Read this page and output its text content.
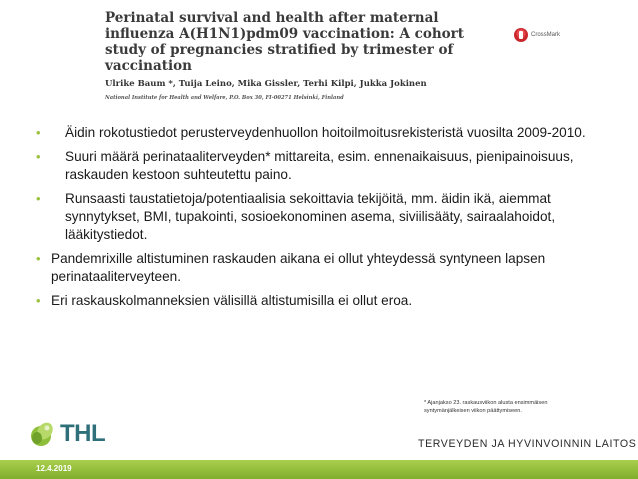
Perinatal survival and health after maternal influenza A(H1N1)pdm09 vaccination: A cohort study of pregnancies stratified by trimester of vaccination
CrossMark
Ulrike Baum *, Tuija Leino, Mika Gissler, Terhi Kilpi, Jukka Jokinen
National Institute for Health and Welfare, P.O. Box 30, FI-00271 Helsinki, Finland
• Äidin rokotustiedot perusterveydenhuollon hoitoilmoitusrekisteristä vuosilta 2009-2010.
• Suuri määrä perinataaliterveyden* mittareita, esim. ennenaikaisuus, pienipainoisuus, raskauden kestoon suhteutettu paino.
• Runsaasti taustatietoja/potentiaalisia sekoittavia tekijöitä, mm. äidin ikä, aiemmat synnytykset, BMI, tupakointi, sosioekonominen asema, siviilisääty, sairaalahoidot, lääkitystiedot.
• Pandemrixille altistuminen raskauden aikana ei ollut yhteydessä syntyneen lapsen perinataaliterveyteen.
• Eri raskauskolmanneksien välisillä altistumisilla ei ollut eroa.
* Ajanjakso 23. raskausviikon alusta ensimmäisen syntymänjälkeisen viikon päättymiseen.
THL	TERVEYDEN JA HYVINVOINNIN LAITOS
12.4.2019
